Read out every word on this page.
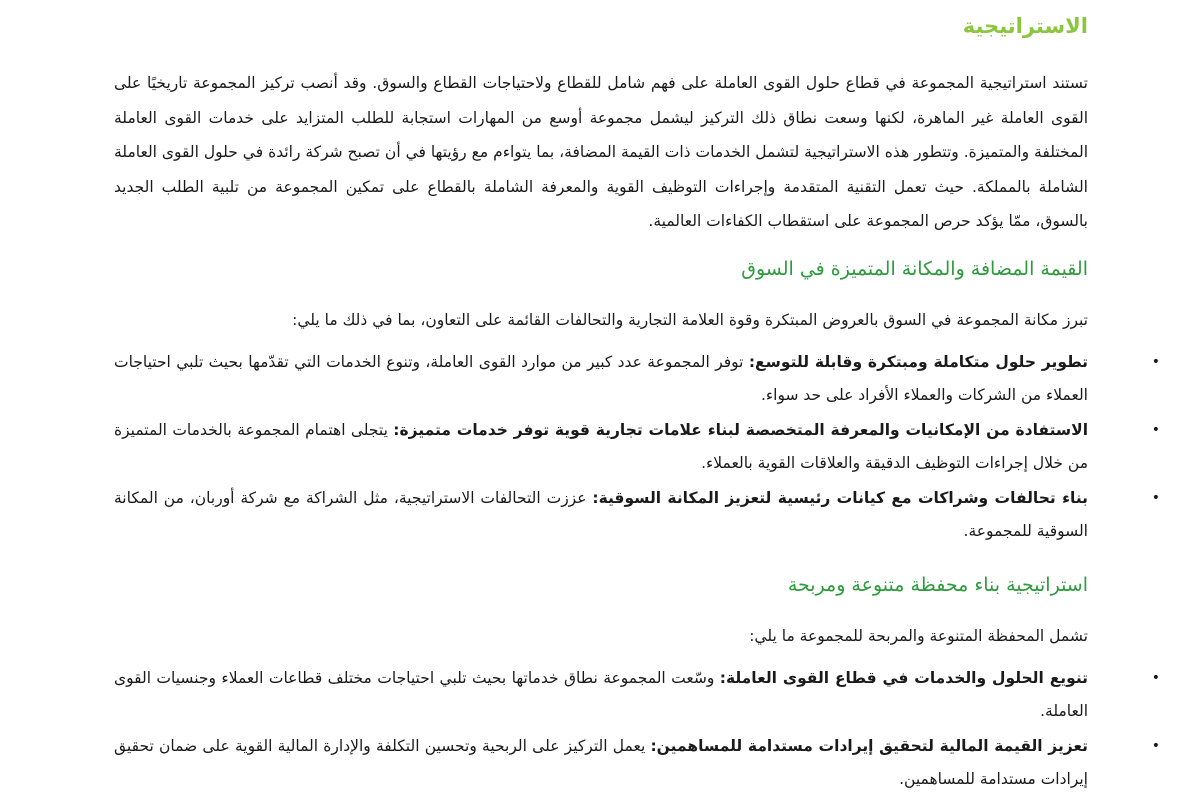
الاستراتيجية

تستند استراتيجية المجموعة في قطاع حلول القوى العاملة على فهم شامل للقطاع ولاحتياجات القطاع والسوق. وقد أنصب تركيز المجموعة تاريخيًا على القوى العاملة غير الماهرة، لكنها وسعت نطاق ذلك التركيز ليشمل مجموعة أوسع من المهارات استجابة للطلب المتزايد على خدمات القوى العاملة المختلفة والمتميزة. وتتطور هذه الاستراتيجية لتشمل الخدمات ذات القيمة المضافة، بما يتواءم مع رؤيتها في أن تصبح شركة رائدة في حلول القوى العاملة الشاملة بالمملكة. حيث تعمل التقنية المتقدمة وإجراءات التوظيف القوية والمعرفة الشاملة بالقطاع على تمكين المجموعة من تلبية الطلب الجديد بالسوق، ممّا يؤكد حرص المجموعة على استقطاب الكفاءات العالمية.

القيمة المضافة والمكانة المتميزة في السوق

تبرز مكانة المجموعة في السوق بالعروض المبتكرة وقوة العلامة التجارية والتحالفات القائمة على التعاون، بما في ذلك ما يلي:

•
تطوير حلول متكاملة ومبتكرة وقابلة للتوسع: توفر المجموعة عدد كبير من موارد القوى العاملة، وتنوع الخدمات التي تقدّمها بحيث تلبي احتياجات العملاء من الشركات والعملاء الأفراد على حد سواء.
•
الاستفادة من الإمكانيات والمعرفة المتخصصة لبناء علامات تجارية قوية توفر خدمات متميزة: يتجلى اهتمام المجموعة بالخدمات المتميزة من خلال إجراءات التوظيف الدقيقة والعلاقات القوية بالعملاء.
•
بناء تحالفات وشراكات مع كيانات رئيسية لتعزيز المكانة السوقية: عززت التحالفات الاستراتيجية، مثل الشراكة مع شركة أوربان، من المكانة السوقية للمجموعة.
استراتيجية بناء محفظة متنوعة ومربحة

تشمل المحفظة المتنوعة والمربحة للمجموعة ما يلي:

•
تنويع الحلول والخدمات في قطاع القوى العاملة: وسّعت المجموعة نطاق خدماتها بحيث تلبي احتياجات مختلف قطاعات العملاء وجنسيات القوى العاملة.
•
تعزيز القيمة المالية لتحقيق إيرادات مستدامة للمساهمين: يعمل التركيز على الربحية وتحسين التكلفة والإدارة المالية القوية على ضمان تحقيق إيرادات مستدامة للمساهمين.
